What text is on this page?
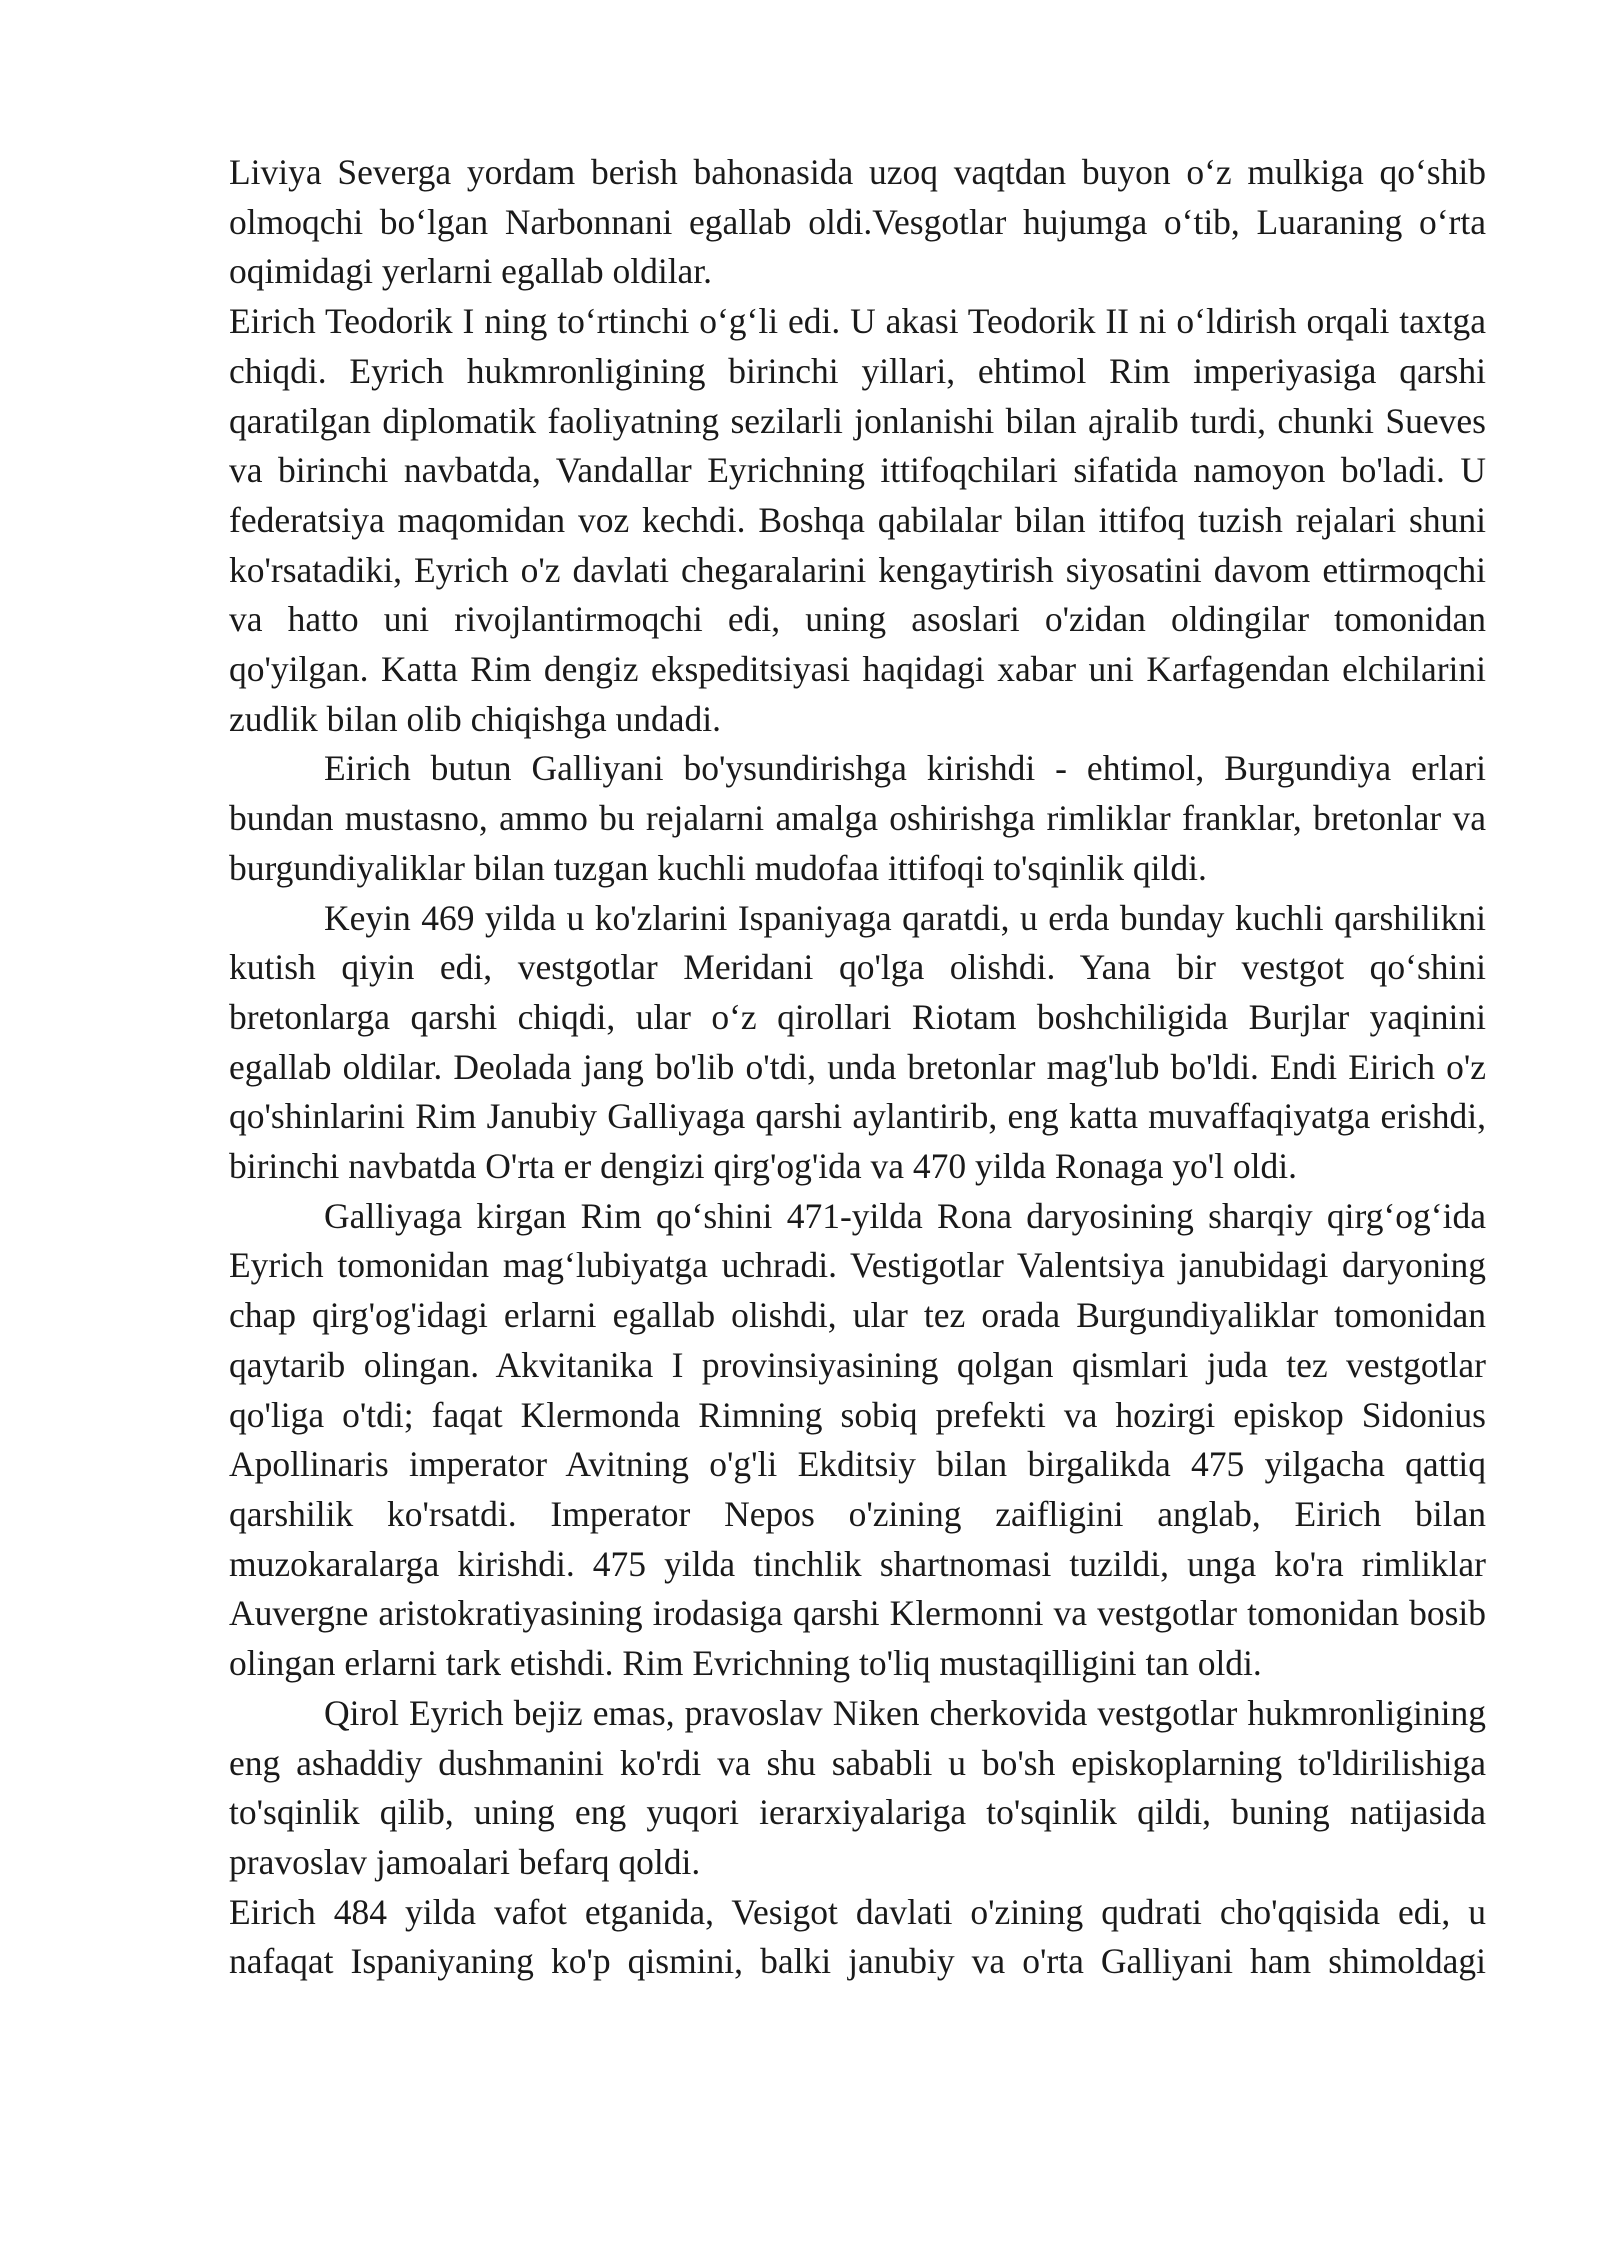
Liviya Severga yordam berish bahonasida uzoq vaqtdan buyon oʻz mulkiga qoʻshib olmoqchi boʻlgan Narbonnani egallab oldi.Vesgotlar hujumga oʻtib, Luaraning oʻrta oqimidagi yerlarni egallab oldilar.

Eirich Teodorik I ning toʻrtinchi oʻgʻli edi. U akasi Teodorik II ni oʻldirish orqali taxtga chiqdi. Eyrich hukmronligining birinchi yillari, ehtimol Rim imperiyasiga qarshi qaratilgan diplomatik faoliyatning sezilarli jonlanishi bilan ajralib turdi, chunki Sueves va birinchi navbatda, Vandallar Eyrichning ittifoqchilari sifatida namoyon bo'ladi. U federatsiya maqomidan voz kechdi. Boshqa qabilalar bilan ittifoq tuzish rejalari shuni ko'rsatadiki, Eyrich o'z davlati chegaralarini kengaytirish siyosatini davom ettirmoqchi va hatto uni rivojlantirmoqchi edi, uning asoslari o'zidan oldingilar tomonidan qo'yilgan. Katta Rim dengiz ekspeditsiyasi haqidagi xabar uni Karfagendan elchilarini zudlik bilan olib chiqishga undadi.

Eirich butun Galliyani bo'ysundirishga kirishdi - ehtimol, Burgundiya erlari bundan mustasno, ammo bu rejalarni amalga oshirishga rimliklar franklar, bretonlar va burgundiyaliklar bilan tuzgan kuchli mudofaa ittifoqi to'sqinlik qildi.

Keyin 469 yilda u ko'zlarini Ispaniyaga qaratdi, u erda bunday kuchli qarshilikni kutish qiyin edi, vestgotlar Meridani qo'lga olishdi. Yana bir vestgot qoʻshini bretonlarga qarshi chiqdi, ular oʻz qirollari Riotam boshchiligida Burjlar yaqinini egallab oldilar. Deolada jang bo'lib o'tdi, unda bretonlar mag'lub bo'ldi. Endi Eirich o'z qo'shinlarini Rim Janubiy Galliyaga qarshi aylantirib, eng katta muvaffaqiyatga erishdi, birinchi navbatda O'rta er dengizi qirg'og'ida va 470 yilda Ronaga yo'l oldi.

Galliyaga kirgan Rim qoʻshini 471-yilda Rona daryosining sharqiy qirgʻogʻida Eyrich tomonidan magʻlubiyatga uchradi. Vestigotlar Valentsiya janubidagi daryoning chap qirg'og'idagi erlarni egallab olishdi, ular tez orada Burgundiyaliklar tomonidan qaytarib olingan. Akvitanika I provinsiyasining qolgan qismlari juda tez vestgotlar qo'liga o'tdi; faqat Klermonda Rimning sobiq prefekti va hozirgi episkop Sidonius Apollinaris imperator Avitning o'g'li Ekditsiy bilan birgalikda 475 yilgacha qattiq qarshilik ko'rsatdi. Imperator Nepos o'zining zaifligini anglab, Eirich bilan muzokaralarga kirishdi. 475 yilda tinchlik shartnomasi tuzildi, unga ko'ra rimliklar Auvergne aristokratiyasining irodasiga qarshi Klermonni va vestgotlar tomonidan bosib olingan erlarni tark etishdi. Rim Evrichning to'liq mustaqilligini tan oldi.

Qirol Eyrich bejiz emas, pravoslav Niken cherkovida vestgotlar hukmronligining eng ashaddiy dushmanini ko'rdi va shu sababli u bo'sh episkoplarning to'ldirilishiga to'sqinlik qilib, uning eng yuqori ierarxiyalariga to'sqinlik qildi, buning natijasida pravoslav jamoalari befarq qoldi.

Eirich 484 yilda vafot etganida, Vesigot davlati o'zining qudrati cho'qqisida edi, u nafaqat Ispaniyaning ko'p qismini, balki janubiy va o'rta Galliyani ham shimoldagi
